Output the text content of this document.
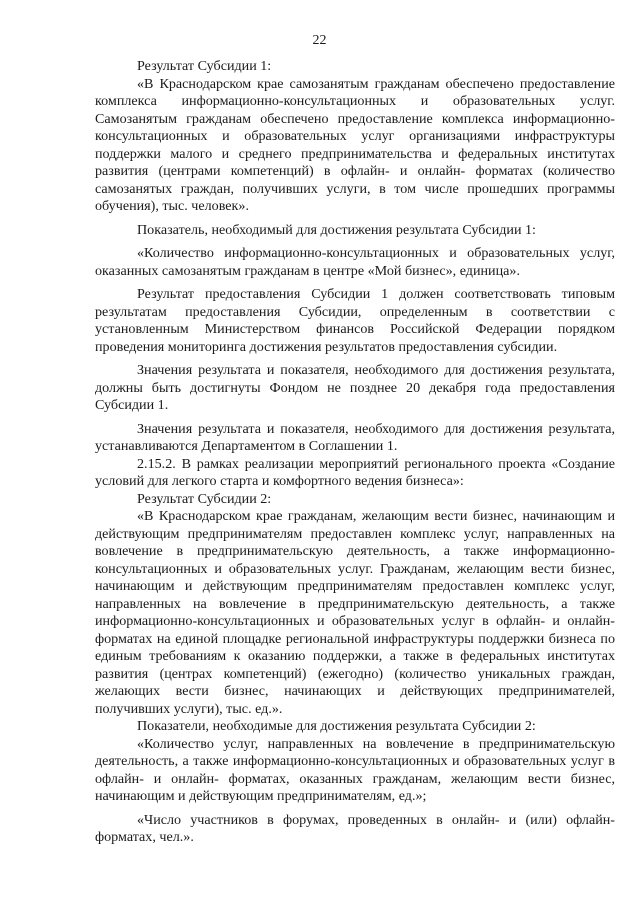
22

Результат Субсидии 1:

«В Краснодарском крае самозанятым гражданам обеспечено предоставление комплекса информационно-консультационных и образовательных услуг. Самозанятым гражданам обеспечено предоставление комплекса информационно-консультационных и образовательных услуг организациями инфраструктуры поддержки малого и среднего предпринимательства и федеральных институтах развития (центрами компетенций) в офлайн- и онлайн- форматах (количество самозанятых граждан, получивших услуги, в том числе прошедших программы обучения), тыс. человек».

Показатель, необходимый для достижения результата Субсидии 1:

«Количество информационно-консультационных и образовательных услуг, оказанных самозанятым гражданам в центре «Мой бизнес», единица».

Результат предоставления Субсидии 1 должен соответствовать типовым результатам предоставления Субсидии, определенным в соответствии с установленным Министерством финансов Российской Федерации порядком проведения мониторинга достижения результатов предоставления субсидии.

Значения результата и показателя, необходимого для достижения результата, должны быть достигнуты Фондом не позднее 20 декабря года предоставления Субсидии 1.

Значения результата и показателя, необходимого для достижения результата, устанавливаются Департаментом в Соглашении 1.

2.15.2. В рамках реализации мероприятий регионального проекта «Создание условий для легкого старта и комфортного ведения бизнеса»:

Результат Субсидии 2:

«В Краснодарском крае гражданам, желающим вести бизнес, начинающим и действующим предпринимателям предоставлен комплекс услуг, направленных на вовлечение в предпринимательскую деятельность, а также информационно-консультационных и образовательных услуг. Гражданам, желающим вести бизнес, начинающим и действующим предпринимателям предоставлен комплекс услуг, направленных на вовлечение в предпринимательскую деятельность, а также информационно-консультационных и образовательных услуг в офлайн- и онлайн- форматах на единой площадке региональной инфраструктуры поддержки бизнеса по единым требованиям к оказанию поддержки, а также в федеральных институтах развития (центрах компетенций) (ежегодно) (количество уникальных граждан, желающих вести бизнес, начинающих и действующих предпринимателей, получивших услуги), тыс. ед.».

Показатели, необходимые для достижения результата Субсидии 2:

«Количество услуг, направленных на вовлечение в предпринимательскую деятельность, а также информационно-консультационных и образовательных услуг в офлайн- и онлайн- форматах, оказанных гражданам, желающим вести бизнес, начинающим и действующим предпринимателям, ед.»;

«Число участников в форумах, проведенных в онлайн- и (или) офлайн-форматах, чел.».
